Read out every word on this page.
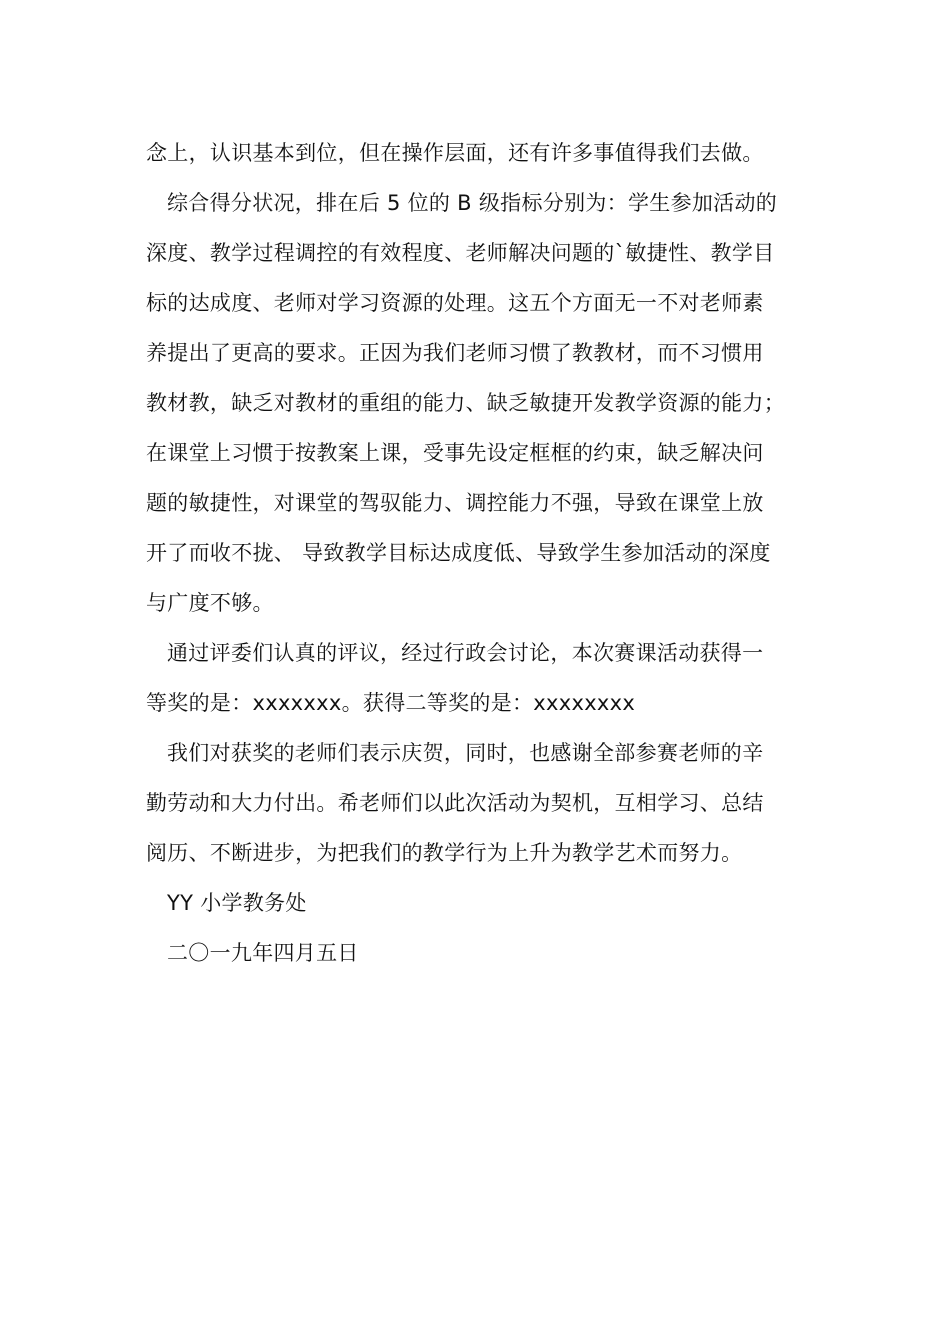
念上，认识基本到位，但在操作层面，还有许多事值得我们去做。
综合得分状况，排在后 5 位的 B 级指标分别为：学生参加活动的
深度、教学过程调控的有效程度、老师解决问题的`敏捷性、教学目
标的达成度、老师对学习资源的处理。这五个方面无一不对老师素
养提出了更高的要求。正因为我们老师习惯了教教材，而不习惯用
教材教，缺乏对教材的重组的能力、缺乏敏捷开发教学资源的能力；
在课堂上习惯于按教案上课，受事先设定框框的约束，缺乏解决问
题的敏捷性，对课堂的驾驭能力、调控能力不强，导致在课堂上放
开了而收不拢、 导致教学目标达成度低、导致学生参加活动的深度
与广度不够。
通过评委们认真的评议，经过行政会讨论，本次赛课活动获得一
等奖的是：xxxxxxx。获得二等奖的是：xxxxxxxx
我们对获奖的老师们表示庆贺，同时，也感谢全部参赛老师的辛
勤劳动和大力付出。希老师们以此次活动为契机，互相学习、总结
阅历、不断进步，为把我们的教学行为上升为教学艺术而努力。
YY 小学教务处
二〇一九年四月五日
